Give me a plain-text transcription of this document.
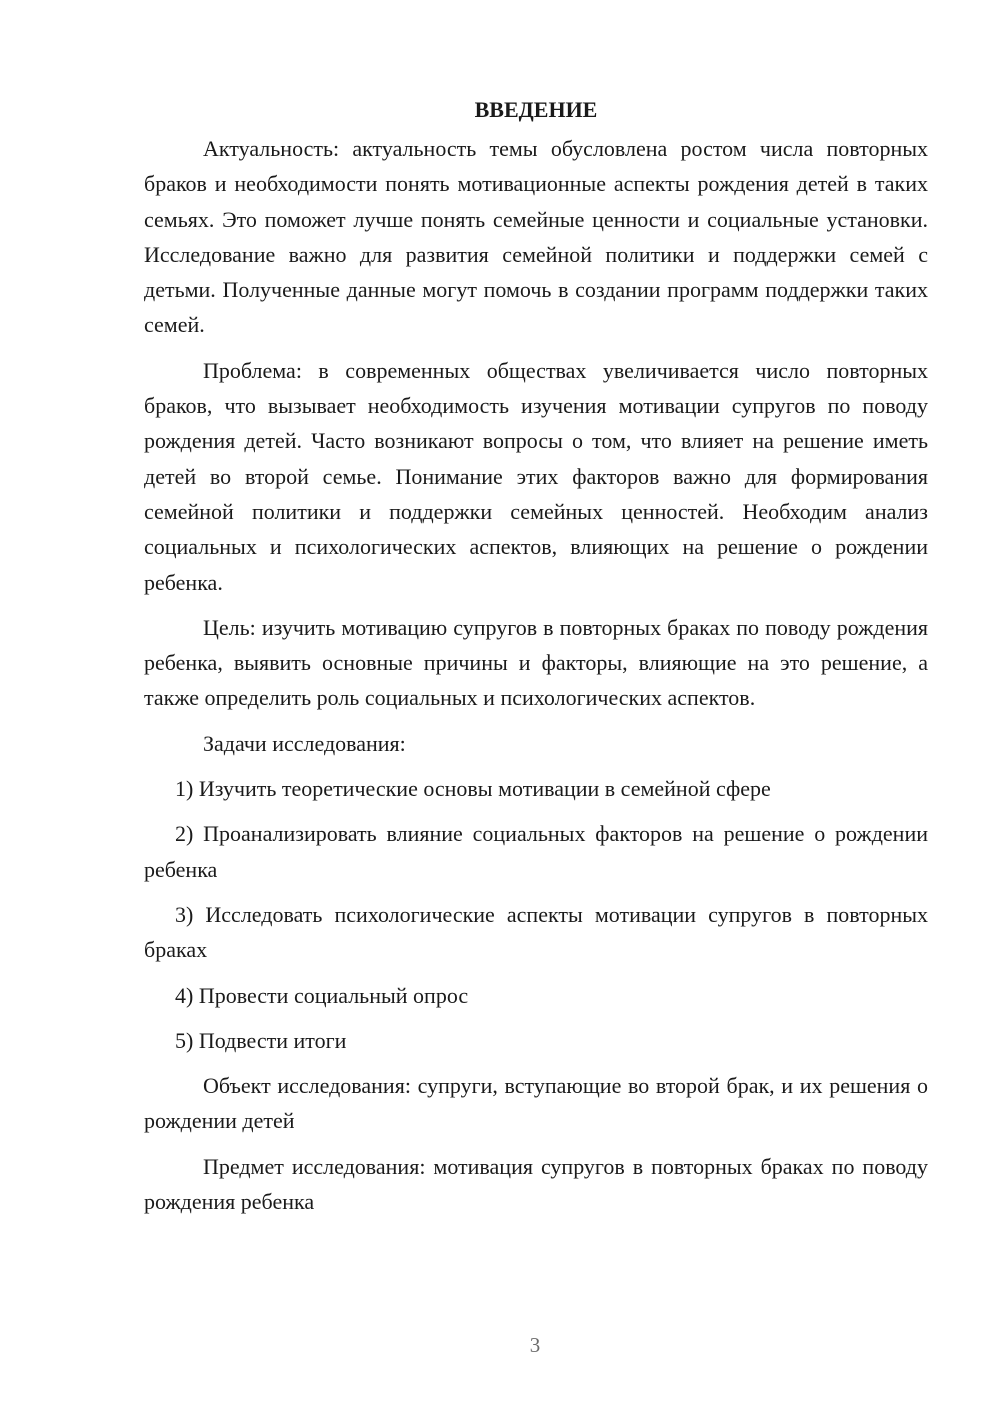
ВВЕДЕНИЕ

Актуальность: актуальность темы обусловлена ростом числа повторных браков и необходимости понять мотивационные аспекты рождения детей в таких семьях. Это поможет лучше понять семейные ценности и социальные установки. Исследование важно для развития семейной политики и поддержки семей с детьми. Полученные данные могут помочь в создании программ поддержки таких семей.

Проблема: в современных обществах увеличивается число повторных браков, что вызывает необходимость изучения мотивации супругов по поводу рождения детей. Часто возникают вопросы о том, что влияет на решение иметь детей во второй семье. Понимание этих факторов важно для формирования семейной политики и поддержки семейных ценностей. Необходим анализ социальных и психологических аспектов, влияющих на решение о рождении ребенка.

Цель: изучить мотивацию супругов в повторных браках по поводу рождения ребенка, выявить основные причины и факторы, влияющие на это решение, а также определить роль социальных и психологических аспектов.

Задачи исследования:

1) Изучить теоретические основы мотивации в семейной сфере

2) Проанализировать влияние социальных факторов на решение о рождении ребенка

3) Исследовать психологические аспекты мотивации супругов в повторных браках

4) Провести социальный опрос

5) Подвести итоги

Объект исследования: супруги, вступающие во второй брак, и их решения о рождении детей

Предмет исследования: мотивация супругов в повторных браках по поводу рождения ребенка

3
